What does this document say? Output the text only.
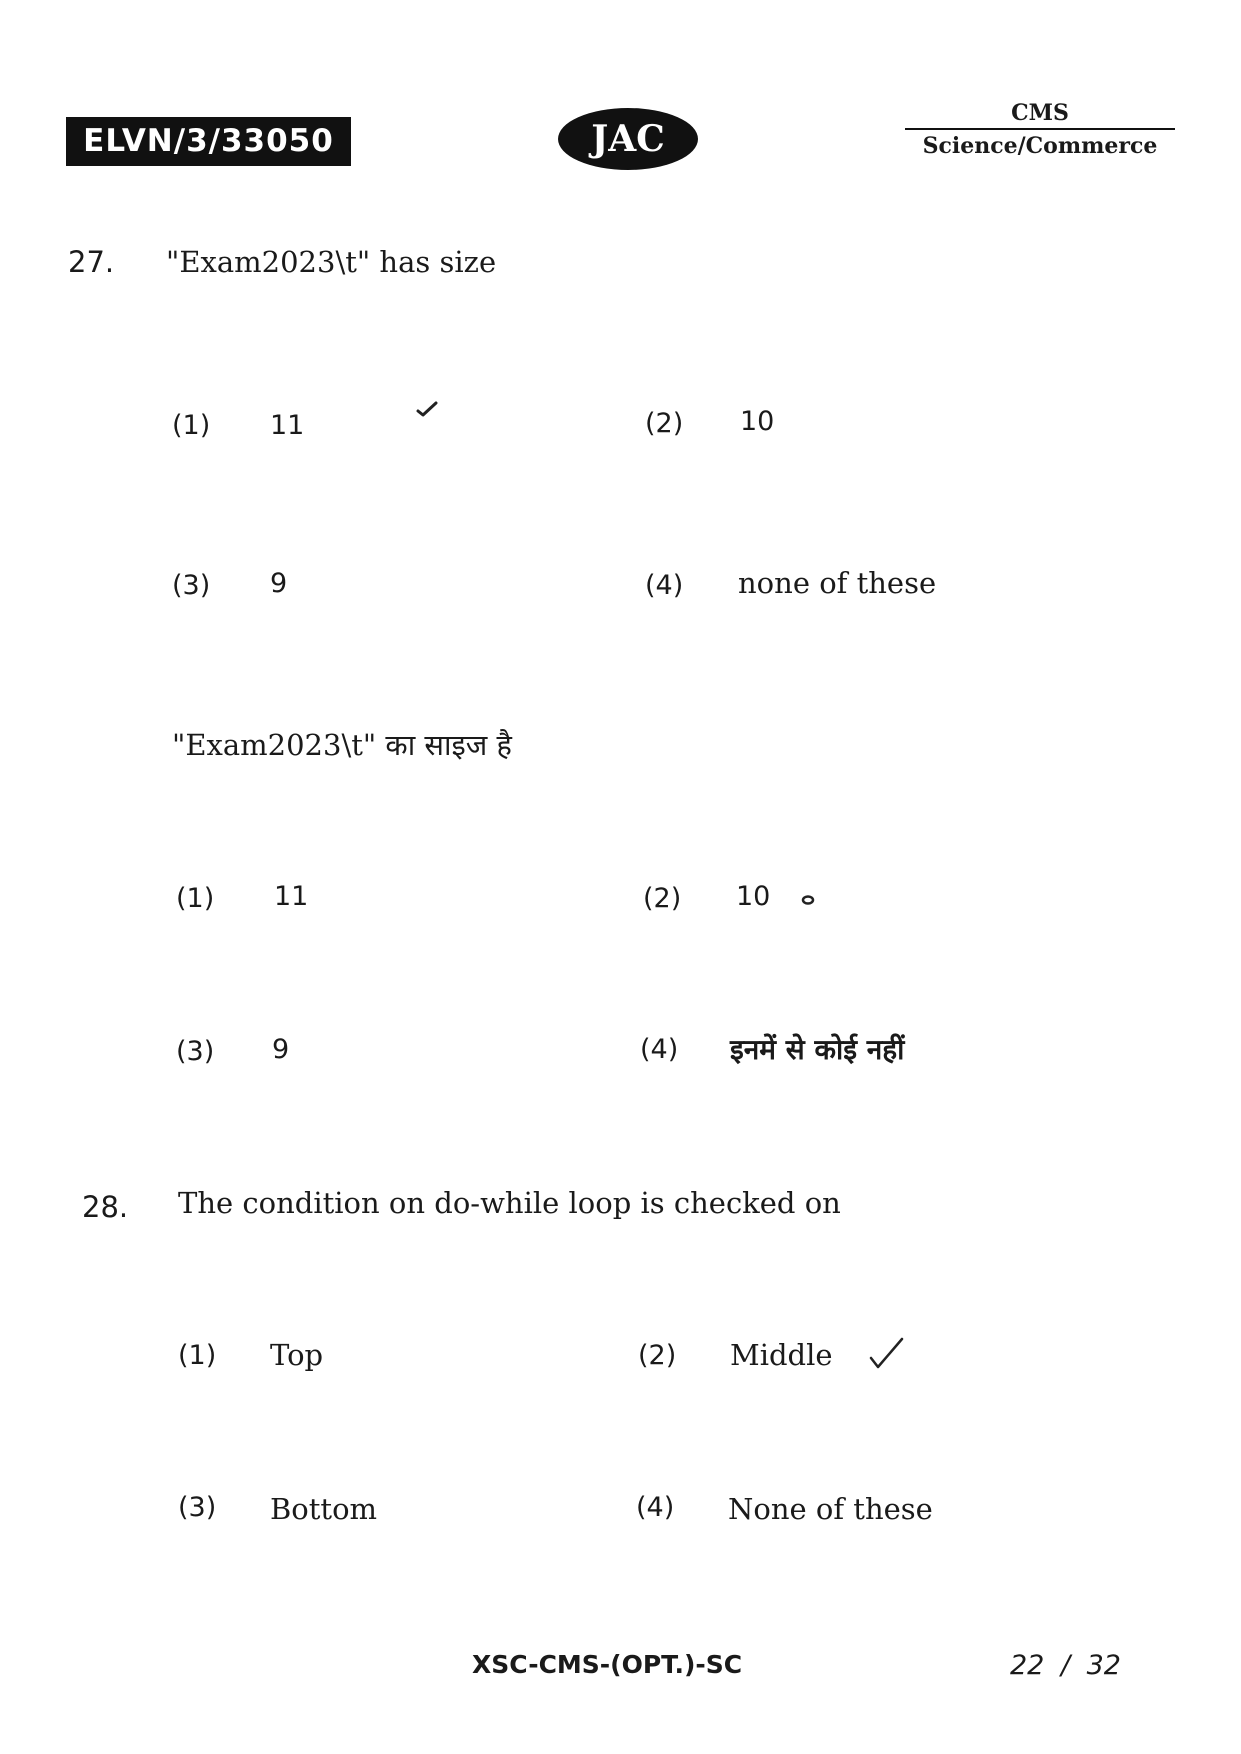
ELVN/3/33050	JAC
CMS
Science/Commerce
27. "Exam2023\t" has size
(1) 11	(2) 10
(3) 9	(4) none of these
"Exam2023\t" का साइज है
(1) 11	(2) 10
(3) 9	(4) इनमें से कोई नहीं
28. The condition on do-while loop is checked on
(1) Top	(2) Middle
(3) Bottom	(4) None of these
XSC-CMS-(OPT.)-SC	22 / 32
